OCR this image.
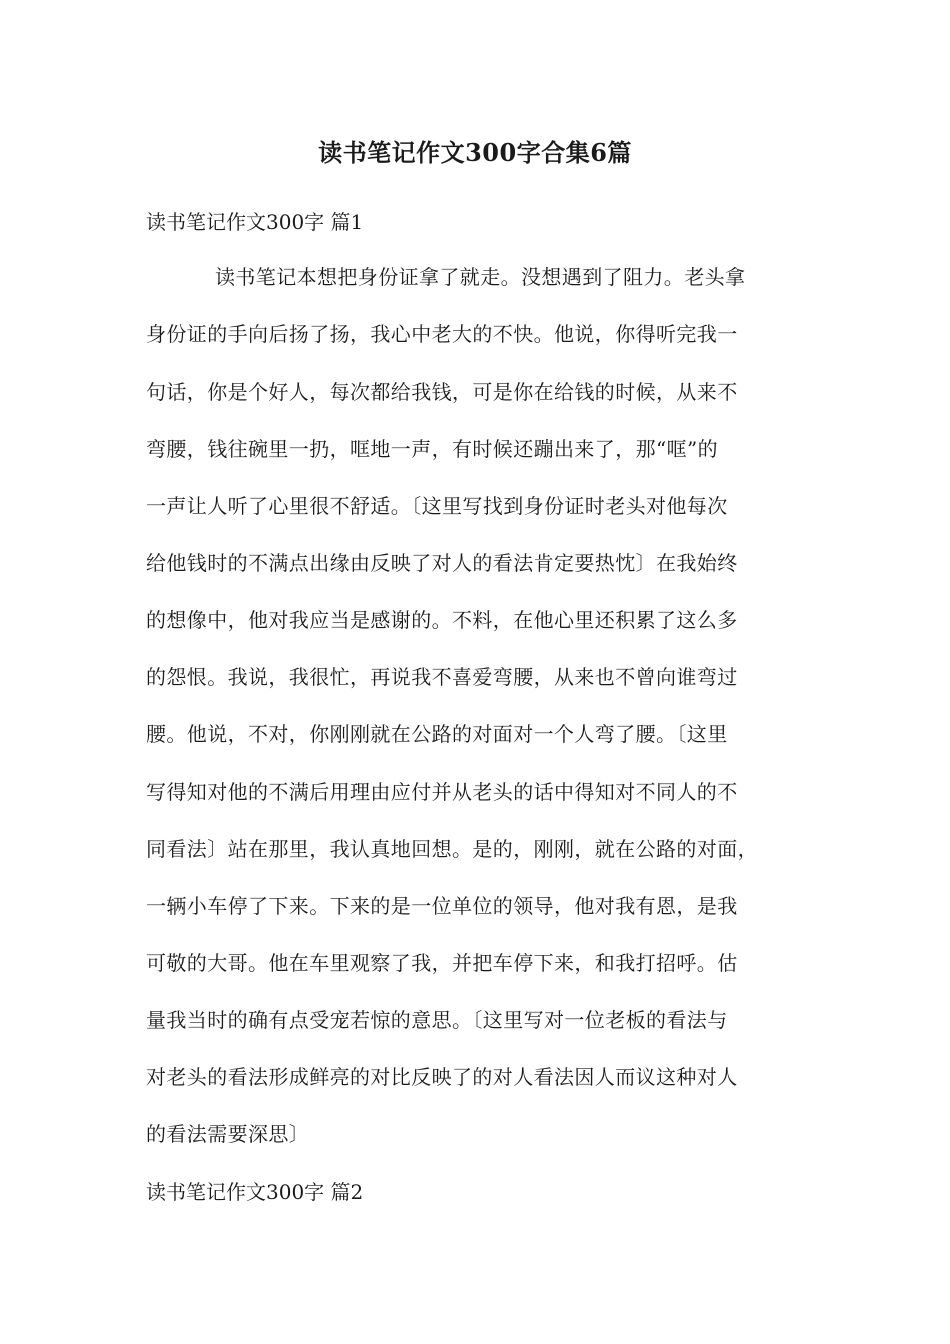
读书笔记作文300字合集6篇
读书笔记作文300字 篇1
读书笔记本想把身份证拿了就走。没想遇到了阻力。老头拿
身份证的手向后扬了扬，我心中老大的不快。他说，你得听完我一
句话，你是个好人，每次都给我钱，可是你在给钱的时候，从来不
弯腰，钱往碗里一扔，哐地一声，有时候还蹦出来了，那“哐”的
一声让人听了心里很不舒适。〔这里写找到身份证时老头对他每次
给他钱时的不满点出缘由反映了对人的看法肯定要热忱〕在我始终
的想像中，他对我应当是感谢的。不料，在他心里还积累了这么多
的怨恨。我说，我很忙，再说我不喜爱弯腰，从来也不曾向谁弯过
腰。他说，不对，你刚刚就在公路的对面对一个人弯了腰。〔这里
写得知对他的不满后用理由应付并从老头的话中得知对不同人的不
同看法〕站在那里，我认真地回想。是的，刚刚，就在公路的对面，
一辆小车停了下来。下来的是一位单位的领导，他对我有恩，是我
可敬的大哥。他在车里观察了我，并把车停下来，和我打招呼。估
量我当时的确有点受宠若惊的意思。〔这里写对一位老板的看法与
对老头的看法形成鲜亮的对比反映了的对人看法因人而议这种对人
的看法需要深思〕
读书笔记作文300字 篇2
